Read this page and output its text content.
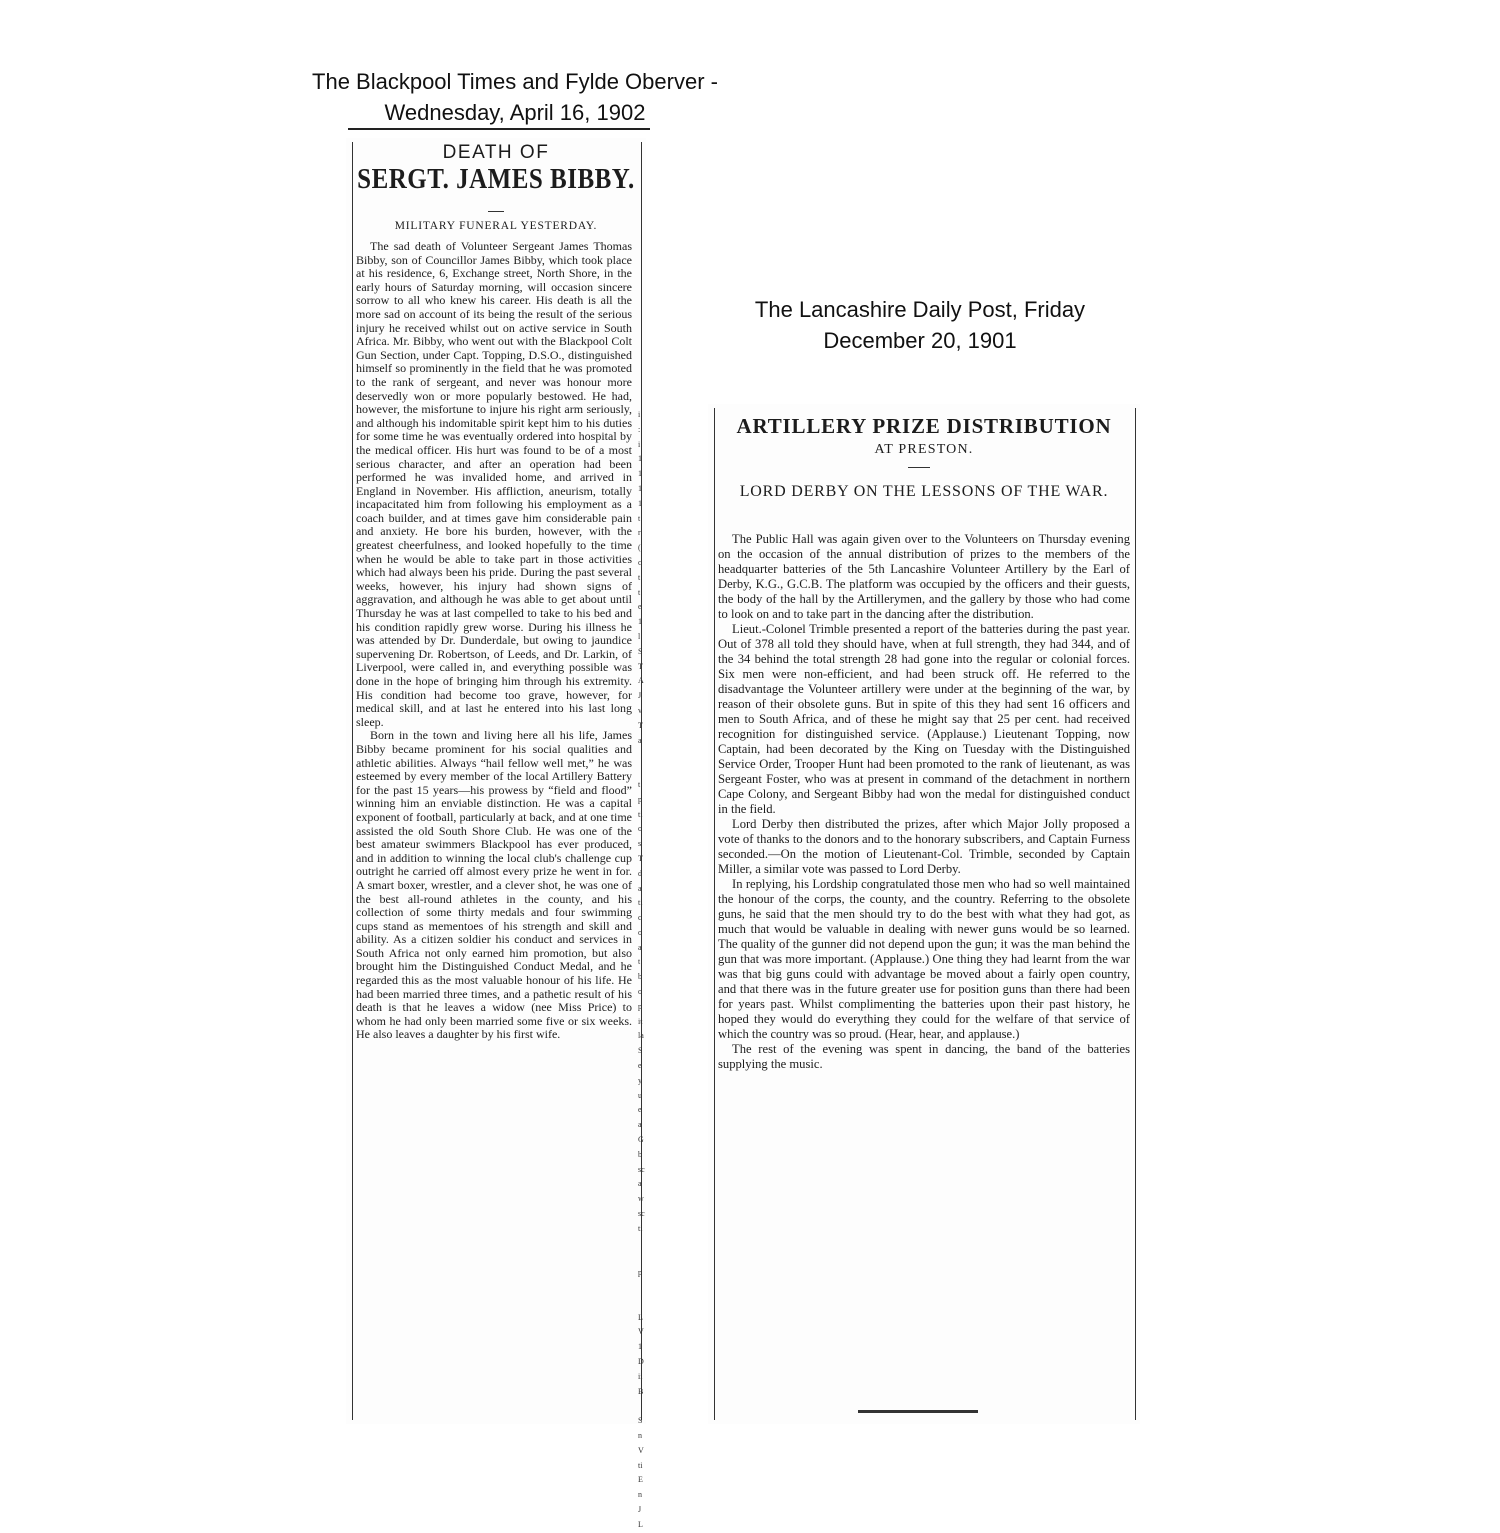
The Blackpool Times and Fylde Oberver -
Wednesday, April 16, 1902
The Lancashire Daily Post, Friday
December 20, 1901
i
:
i
1
1
1
1
t
r
(
c
t
t
e
1
l
S
T
A
J
v
T
a

t
p
ti
o
s
T
d
a
ti
c
o
a
t
b
o
p
it
la
S
e
y
u
e
a
G
b
sc
a
w
sc
ti

p

L
V
1
D
ii
B

S
n
V
ti
E
n
J
L
DEATH OF
SERGT. JAMES BIBBY.
MILITARY FUNERAL YESTERDAY.

The sad death of Volunteer Sergeant James Thomas Bibby, son of Councillor James Bibby, which took place at his residence, 6, Exchange street, North Shore, in the early hours of Saturday morning, will occasion sincere sorrow to all who knew his career. His death is all the more sad on account of its being the result of the serious injury he received whilst out on active service in South Africa. Mr. Bibby, who went out with the Blackpool Colt Gun Section, under Capt. Topping, D.S.O., distinguished himself so prominently in the field that he was promoted to the rank of sergeant, and never was honour more deservedly won or more popularly bestowed. He had, however, the misfortune to injure his right arm seriously, and although his indomitable spirit kept him to his duties for some time he was eventually ordered into hospital by the medical officer. His hurt was found to be of a most serious character, and after an operation had been performed he was invalided home, and arrived in England in November. His affliction, aneurism, totally incapacitated him from following his employment as a coach builder, and at times gave him considerable pain and anxiety. He bore his burden, however, with the greatest cheerfulness, and looked hopefully to the time when he would be able to take part in those activities which had always been his pride. During the past several weeks, however, his injury had shown signs of aggravation, and although he was able to get about until Thursday he was at last compelled to take to his bed and his condition rapidly grew worse. During his illness he was attended by Dr. Dunderdale, but owing to jaundice supervening Dr. Robertson, of Leeds, and Dr. Larkin, of Liverpool, were called in, and everything possible was done in the hope of bringing him through his extremity. His condition had become too grave, however, for medical skill, and at last he entered into his last long sleep.

Born in the town and living here all his life, James Bibby became prominent for his social qualities and athletic abilities. Always “hail fellow well met,” he was esteemed by every member of the local Artillery Battery for the past 15 years—his prowess by “field and flood” winning him an enviable distinction. He was a capital exponent of football, particularly at back, and at one time assisted the old South Shore Club. He was one of the best amateur swimmers Blackpool has ever produced, and in addition to winning the local club's challenge cup outright he carried off almost every prize he went in for. A smart boxer, wrestler, and a clever shot, he was one of the best all-round athletes in the county, and his collection of some thirty medals and four swimming cups stand as mementoes of his strength and skill and ability. As a citizen soldier his conduct and services in South Africa not only earned him promotion, but also brought him the Distinguished Conduct Medal, and he regarded this as the most valuable honour of his life. He had been married three times, and a pathetic result of his death is that he leaves a widow (nee Miss Price) to whom he had only been married some five or six weeks. He also leaves a daughter by his first wife.

ARTILLERY PRIZE DISTRIBUTION
AT PRESTON.
LORD DERBY ON THE LESSONS OF THE WAR.

The Public Hall was again given over to the Volunteers on Thursday evening on the occasion of the annual distribution of prizes to the members of the headquarter batteries of the 5th Lancashire Volunteer Artillery by the Earl of Derby, K.G., G.C.B. The platform was occupied by the officers and their guests, the body of the hall by the Artillerymen, and the gallery by those who had come to look on and to take part in the dancing after the distribution.

Lieut.-Colonel Trimble presented a report of the batteries during the past year. Out of 378 all told they should have, when at full strength, they had 344, and of the 34 behind the total strength 28 had gone into the regular or colonial forces. Six men were non-efficient, and had been struck off. He referred to the disadvantage the Volunteer artillery were under at the beginning of the war, by reason of their obsolete guns. But in spite of this they had sent 16 officers and men to South Africa, and of these he might say that 25 per cent. had received recognition for distinguished service. (Applause.) Lieutenant Topping, now Captain, had been decorated by the King on Tuesday with the Distinguished Service Order, Trooper Hunt had been promoted to the rank of lieutenant, as was Sergeant Foster, who was at present in command of the detachment in northern Cape Colony, and Sergeant Bibby had won the medal for distinguished conduct in the field.

Lord Derby then distributed the prizes, after which Major Jolly proposed a vote of thanks to the donors and to the honorary subscribers, and Captain Furness seconded.—On the motion of Lieutenant-Col. Trimble, seconded by Captain Miller, a similar vote was passed to Lord Derby.

In replying, his Lordship congratulated those men who had so well maintained the honour of the corps, the county, and the country. Referring to the obsolete guns, he said that the men should try to do the best with what they had got, as much that would be valuable in dealing with newer guns would be so learned. The quality of the gunner did not depend upon the gun; it was the man behind the gun that was more important. (Applause.) One thing they had learnt from the war was that big guns could with advantage be moved about a fairly open country, and that there was in the future greater use for position guns than there had been for years past. Whilst complimenting the batteries upon their past history, he hoped they would do everything they could for the welfare of that service of which the country was so proud. (Hear, hear, and applause.)

The rest of the evening was spent in dancing, the band of the batteries supplying the music.
